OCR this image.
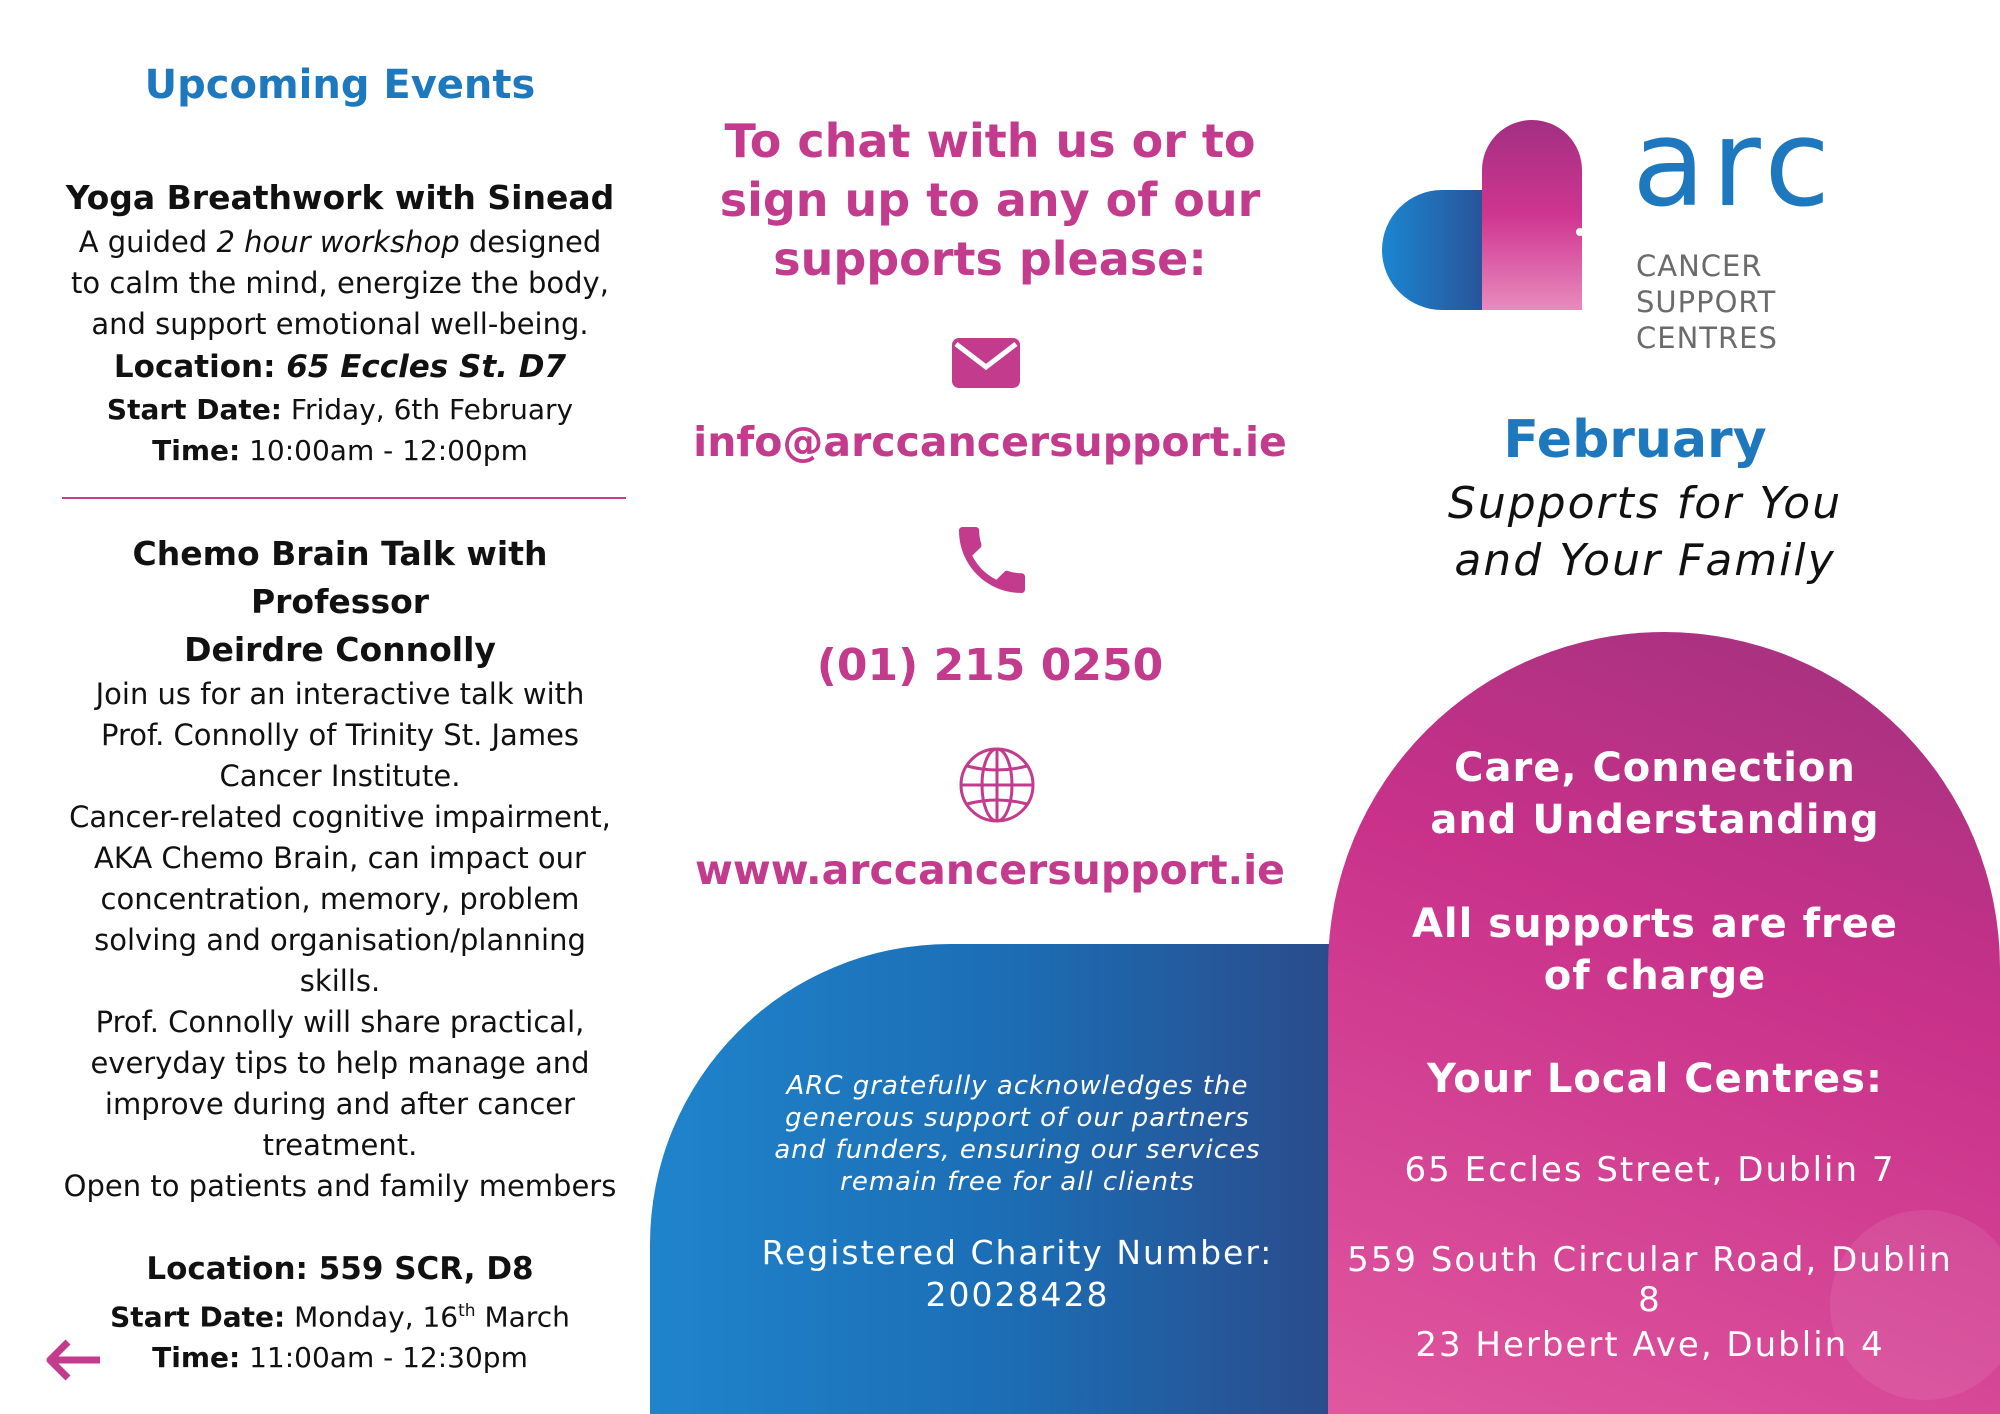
Upcoming Events

Yoga Breathwork with Sinead

A guided 2 hour workshop designed

to calm the mind, energize the body,

and support emotional well-being.

Location: 65 Eccles St. D7

Start Date: Friday, 6th February

Time: 10:00am - 12:00pm

Chemo Brain Talk with Professor

Deirdre Connolly

Join us for an interactive talk with

Prof. Connolly of Trinity St. James

Cancer Institute.

Cancer-related cognitive impairment,

AKA Chemo Brain, can impact our

concentration, memory, problem

solving and organisation/planning

skills.

Prof. Connolly will share practical,

everyday tips to help manage and

improve during and after cancer

treatment.

Open to patients and family members

Location: 559 SCR, D8

Start Date: Monday, 16th March

Time: 11:00am - 12:30pm

To chat with us or to
sign up to any of our
supports please:
info@arccancersupport.ie
(01) 215 0250
www.arccancersupport.ie
ARC gratefully acknowledges the
generous support of our partners
and funders, ensuring our services
remain free for all clients
Registered Charity Number:
20028428
arc
CANCER SUPPORT
CENTRES
February
Supports for You
and Your Family
Care, Connection
and Understanding
All supports are free
of charge
Your Local Centres:
65 Eccles Street, Dublin 7
559 South Circular Road, Dublin 8
23 Herbert Ave, Dublin 4
